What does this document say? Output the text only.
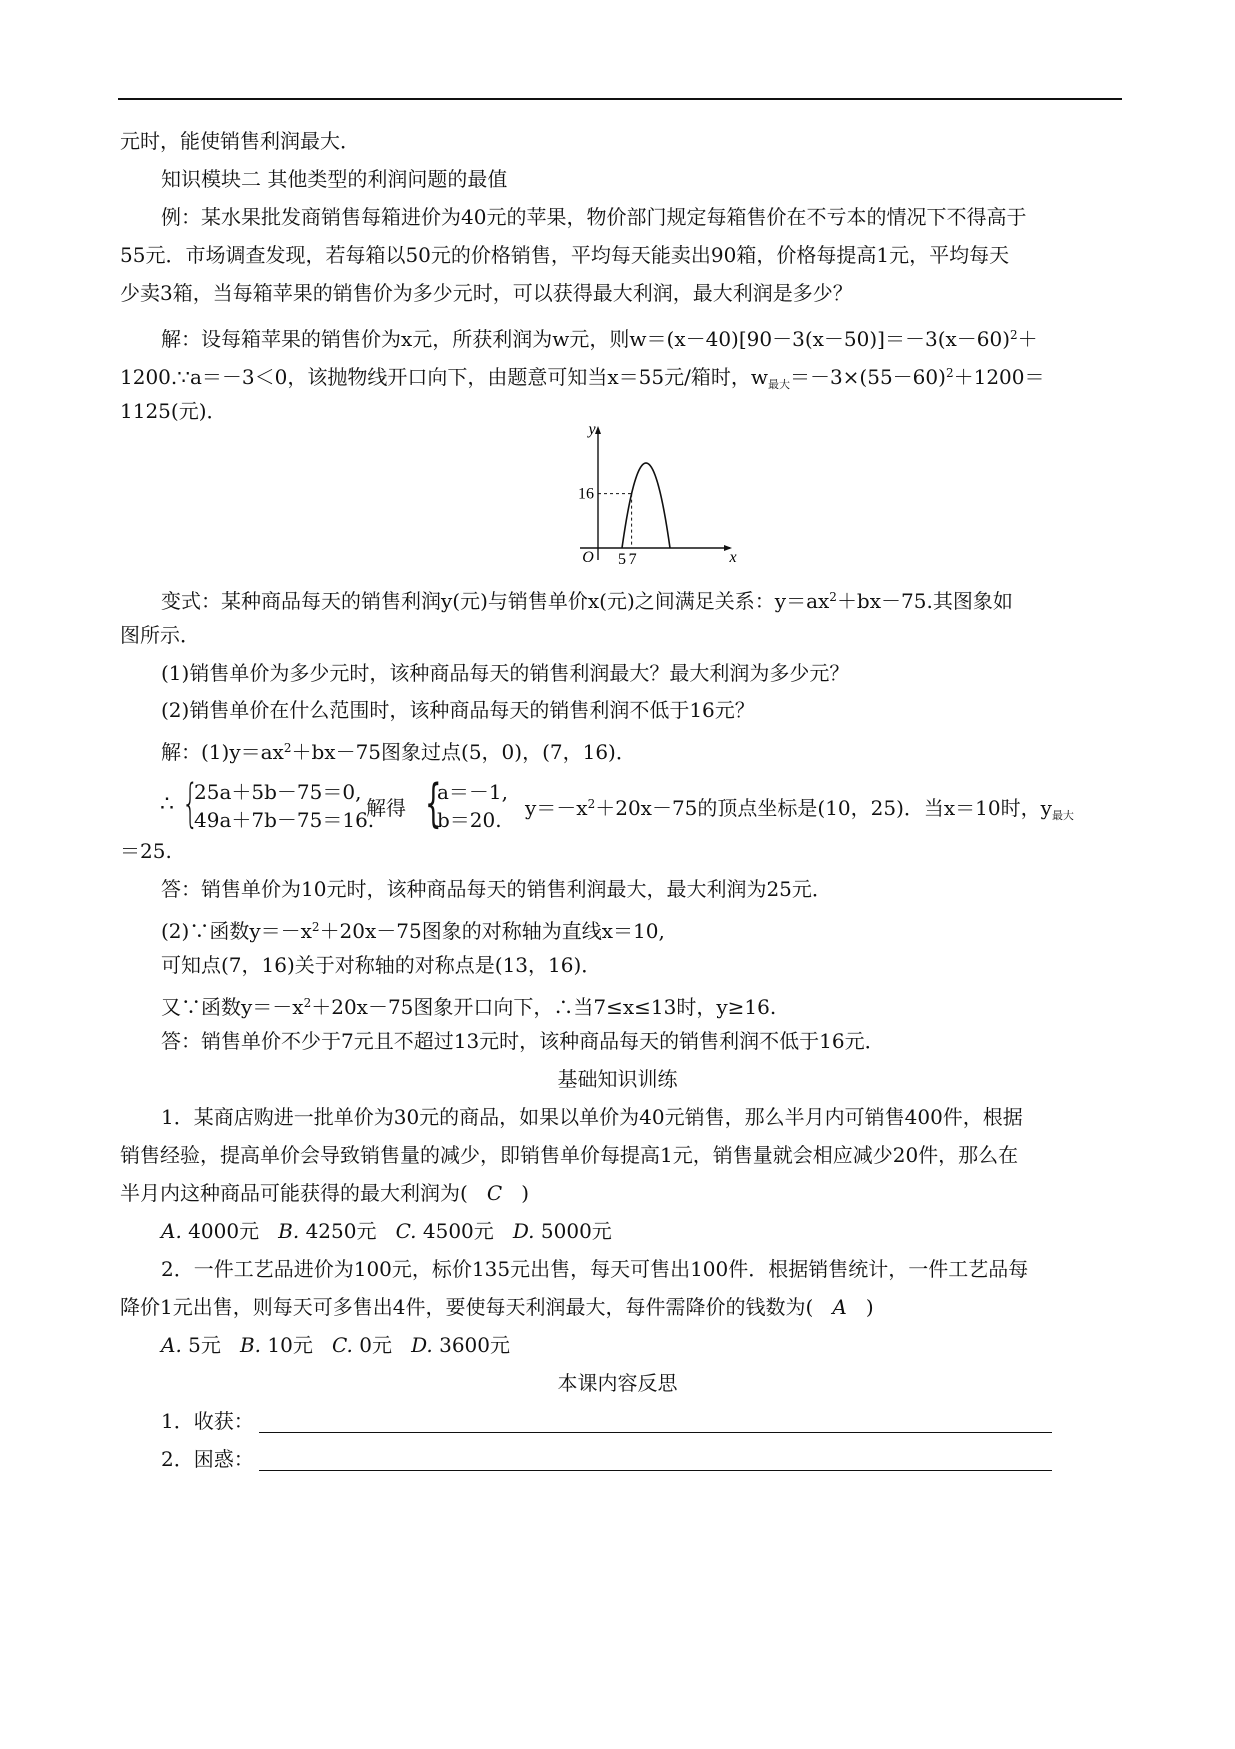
元时，能使销售利润最大．
知识模块二 其他类型的利润问题的最值
例：某水果批发商销售每箱进价为40元的苹果，物价部门规定每箱售价在不亏本的情况下不得高于
55元．市场调查发现，若每箱以50元的价格销售，平均每天能卖出90箱，价格每提高1元，平均每天
少卖3箱，当每箱苹果的销售价为多少元时，可以获得最大利润，最大利润是多少？
解：设每箱苹果的销售价为x元，所获利润为w元，则$w=(x-40)[90-3(x-50)]=-3(x-60)^2+$
1200.∵a＝－3＜0，该抛物线开口向下，由题意可知当x＝55元/箱时，$w_{最大}=-3\times(55-60)^2+1200=$
1125(元)．
y
x
O 5 7
16
变式：某种商品每天的销售利润y(元)与销售单价x(元)之间满足关系：$y=ax^2+bx-75$.其图象如
图所示．
(1)销售单价为多少元时，该种商品每天的销售利润最大？最大利润为多少元？
(2)销售单价在什么范围时，该种商品每天的销售利润不低于16元？
解：$(1)y=ax^2+bx-75$图象过点(5，0)，(7，16)．
∴ {
25a＋5b－75＝0,
49a＋7b－75＝16.
解得 {
a＝－1,
b＝20.	$y=-x^2+20x-75$的顶点坐标是(10，25)．当x＝10时，$y_{最大}$
＝25.
答：销售单价为10元时，该种商品每天的销售利润最大，最大利润为25元．
(2)∵函数$y=-x^2+20x-75$图象的对称轴为直线x＝10,
可知点(7，16)关于对称轴的对称点是(13，16)．
又∵函数$y=-x^2+20x-75$图象开口向下，∴当7≤x≤13时，y≥16.
答：销售单价不少于7元且不超过13元时，该种商品每天的销售利润不低于16元．
基础知识训练
1．某商店购进一批单价为30元的商品，如果以单价为40元销售，那么半月内可销售400件，根据
销售经验，提高单价会导致销售量的减少，即销售单价每提高1元，销售量就会相应减少20件，那么在
半月内这种商品可能获得的最大利润为( C )
A. 4000元 B. 4250元 C. 4500元 D. 5000元
2．一件工艺品进价为100元，标价135元出售，每天可售出100件．根据销售统计，一件工艺品每
降价1元出售，则每天可多售出4件，要使每天利润最大，每件需降价的钱数为( A )
A. 5元 B. 10元 C. 0元 D. 3600元
本课内容反思
1．收获：
2．困惑：
